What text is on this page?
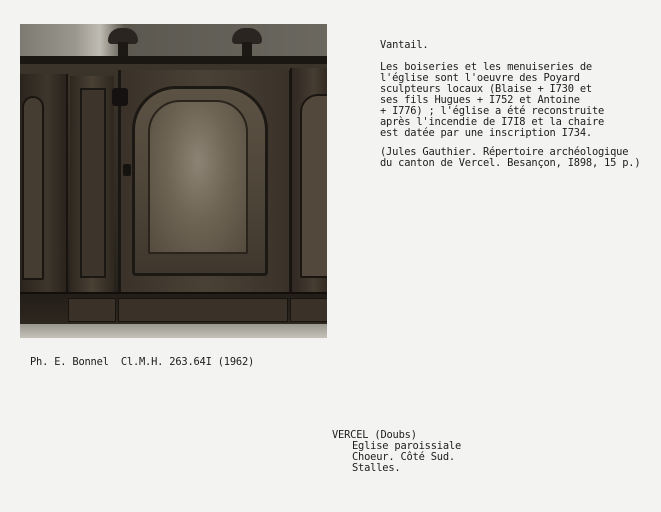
Vantail.
Les boiseries et les menuiseries de
l'église sont l'oeuvre des Poyard
sculpteurs locaux (Blaise + I730 et
ses fils Hugues + I752 et Antoine
+ I776) ; l'église a été reconstruite
après l'incendie de I7I8 et la chaire
est datée par une inscription I734.
(Jules Gauthier. Répertoire archéologique
du canton de Vercel. Besançon, I898, 15 p.)
Ph. E. Bonnel  Cl.M.H. 263.64I (1962)
VERCEL (Doubs)
Eglise paroissiale
Choeur. Côté Sud.
Stalles.
